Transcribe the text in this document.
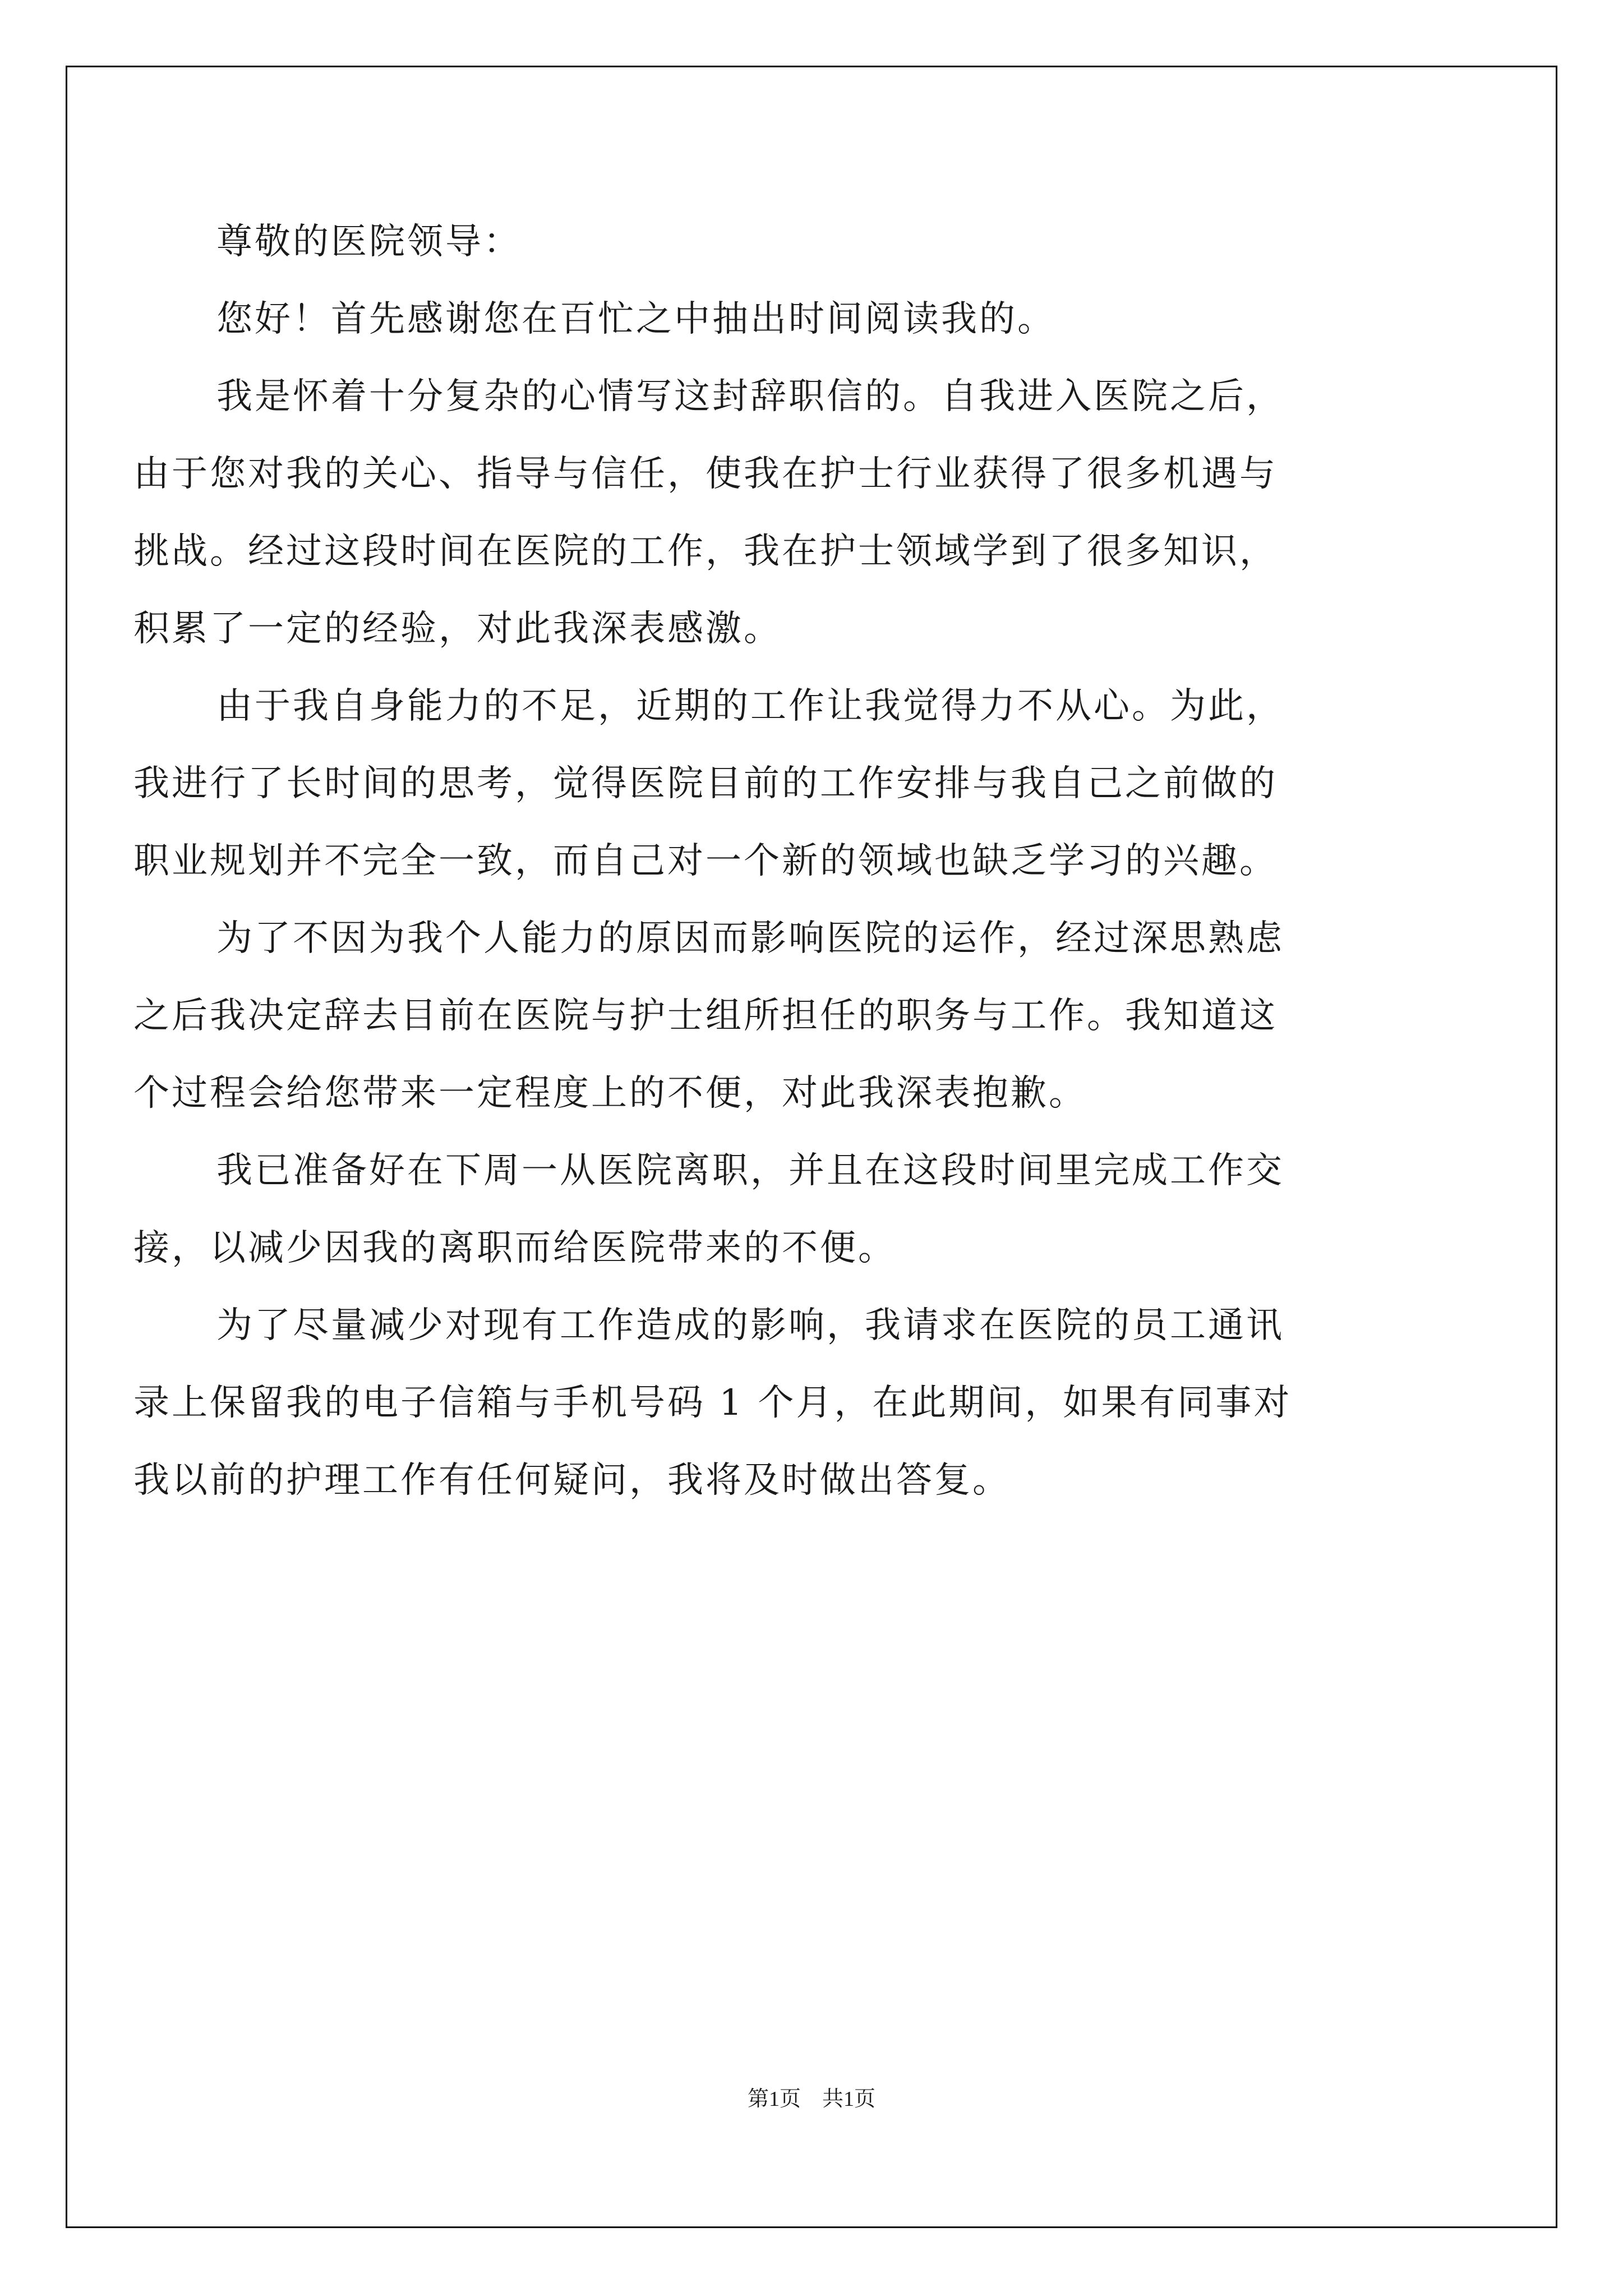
尊敬的医院领导：
您好！首先感谢您在百忙之中抽出时间阅读我的。
我是怀着十分复杂的心情写这封辞职信的。自我进入医院之后，
由于您对我的关心、指导与信任，使我在护士行业获得了很多机遇与
挑战。经过这段时间在医院的工作，我在护士领域学到了很多知识，
积累了一定的经验，对此我深表感激。
由于我自身能力的不足，近期的工作让我觉得力不从心。为此，
我进行了长时间的思考，觉得医院目前的工作安排与我自己之前做的
职业规划并不完全一致，而自己对一个新的领域也缺乏学习的兴趣。
为了不因为我个人能力的原因而影响医院的运作，经过深思熟虑
之后我决定辞去目前在医院与护士组所担任的职务与工作。我知道这
个过程会给您带来一定程度上的不便，对此我深表抱歉。
我已准备好在下周一从医院离职，并且在这段时间里完成工作交
接，以减少因我的离职而给医院带来的不便。
为了尽量减少对现有工作造成的影响，我请求在医院的员工通讯
录上保留我的电子信箱与手机号码 1 个月，在此期间，如果有同事对
我以前的护理工作有任何疑问，我将及时做出答复。
第1页　共1页
